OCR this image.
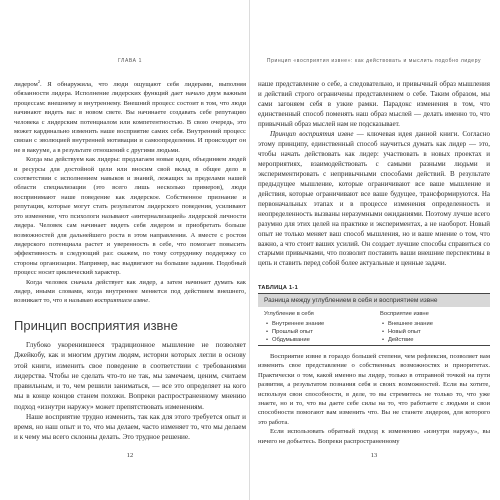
ГЛАВА 1

лидером$^2$. Я обнаружила, что люди ощущают себя лидерами, выполняя обязанности лидера. Исполнение лидерских функций дает начало двум важным процессам: внешнему и внутреннему. Внешний процесс состоит в том, что люди начинают видеть вас в новом свете. Вы начинаете создавать себе репутацию человека с лидерским потенциалом или компетентностью. В свою очередь, это может кардинально изменить наше восприятие самих себя. Внутренний процесс связан с эволюцией внутренней мотивации и самоопределения. И происходит он не в вакууме, а в результате отношений с другими людьми.

Когда мы действуем как лидеры: предлагаем новые идеи, объединяем людей и ресурсы для достойной цели или вносим свой вклад в общее дело в соответствии с исполнением навыков и знаний, лежащих за пределами нашей области специализации (это всего лишь несколько примеров), люди воспринимают наше поведение как лидерское. Собственное признание и репутация, которые могут стать результатом лидерского поведения, усиливают это изменение, что психологи называют «интернализацией» лидерской личности лидера. Человек сам начинает видеть себя лидером и приобретать больше возможностей для дальнейшего роста в этом направлении. А вместе с ростом лидерского потенциала растет и уверенность в себе, что помогает повысить эффективность в следующий раз: скажем, по тому сотруднику поддержку со стороны организации. Например, вас выдвигают на большие задания. Подобный процесс носит циклический характер.

Когда человек сначала действует как лидер, а затем начинает думать как лидер, иными словами, когда внутреннее меняется под действием внешнего, возникает то, что я называю восприятием извне.

Принцип восприятия извне

Глубоко укоренившееся традиционное мышление не позволяет Джейкобу, как и многим другим людям, истории которых легли в основу этой книги, изменить свое поведение в соответствии с требованиями лидерства. Чтобы не сделать что-то не так, мы замечаем, ценим, считаем правильным, и то, чем решили заниматься, — все это определяет на кого мы в конце концов станем похожи. Вопреки распространенному мнению подход «изнутри наружу» может препятствовать изменениям.

Наше восприятие трудно изменить, так как для этого требуется опыт и время, но наш опыт и то, что мы делаем, часто изменяет то, что мы делаем и к чему мы всего склонны делать. Это трудное решение.

12
Принцип «восприятия извне»: как действовать и мыслить подобно лидеру

наше представление о себе, а следовательно, и привычный образ мышления и действий строго ограничены представлением о себе. Таким образом, мы сами загоняем себя в узкие рамки. Парадокс изменения в том, что единственный способ поменять наш образ мыслей — делать именно то, что привычный образ мыслей нам не подсказывает.

Принцип восприятия извне — ключевая идея данной книги. Согласно этому принципу, единственный способ научиться думать как лидер — это, чтобы начать действовать как лидер: участвовать в новых проектах и мероприятиях, взаимодействовать с самыми разными людьми и экспериментировать с непривычными способами действий. В результате предыдущее мышление, которые ограничивают все ваше мышление и действия, которые ограничивают все ваше будущее, трансформируются. На первоначальных этапах и в процессе изменения определенность и неопределенность вызваны неразумными ожиданиями. Поэтому лучше всего разумно для этих целей на практике и экспериментах, а не наоборот. Новый опыт не только меняет ваш способ мышления, но и ваше мнение о том, что важно, а что стоит ваших усилий. Он создает лучшие способы справиться со старыми привычками, что позволит поставить ваши внешние перспективы в цепь и ставить перед собой более актуальные и ценные задачи.

ТАБЛИЦА 1-1
Разница между углублением в себя и восприятием извне
Углубление в себя
• Внутреннее знание
• Прошлый опыт
• Обдумывание
Восприятие извне
• Внешнее знание
• Новый опыт
• Действие

Восприятие извне в гораздо большей степени, чем рефлексия, позволяет вам изменить свое представление о собственных возможностях и приоритетах. Практически о том, какой именно вы лидер, только в отправной точкой на пути развития, а результатом познания себя и своих возможностей. Если вы хотите, используя свои способности, в деле, то вы стремитесь не только то, что уже знаете, но и то, что вы даете себе силы на то, что работаете с людьми и свои способности помогают вам изменить что. Вы не станете лидером, для которого это работа.

Если использовать обратный подход к изменению «изнутри наружу», вы ничего не добьетесь. Вопреки распространенному

13
